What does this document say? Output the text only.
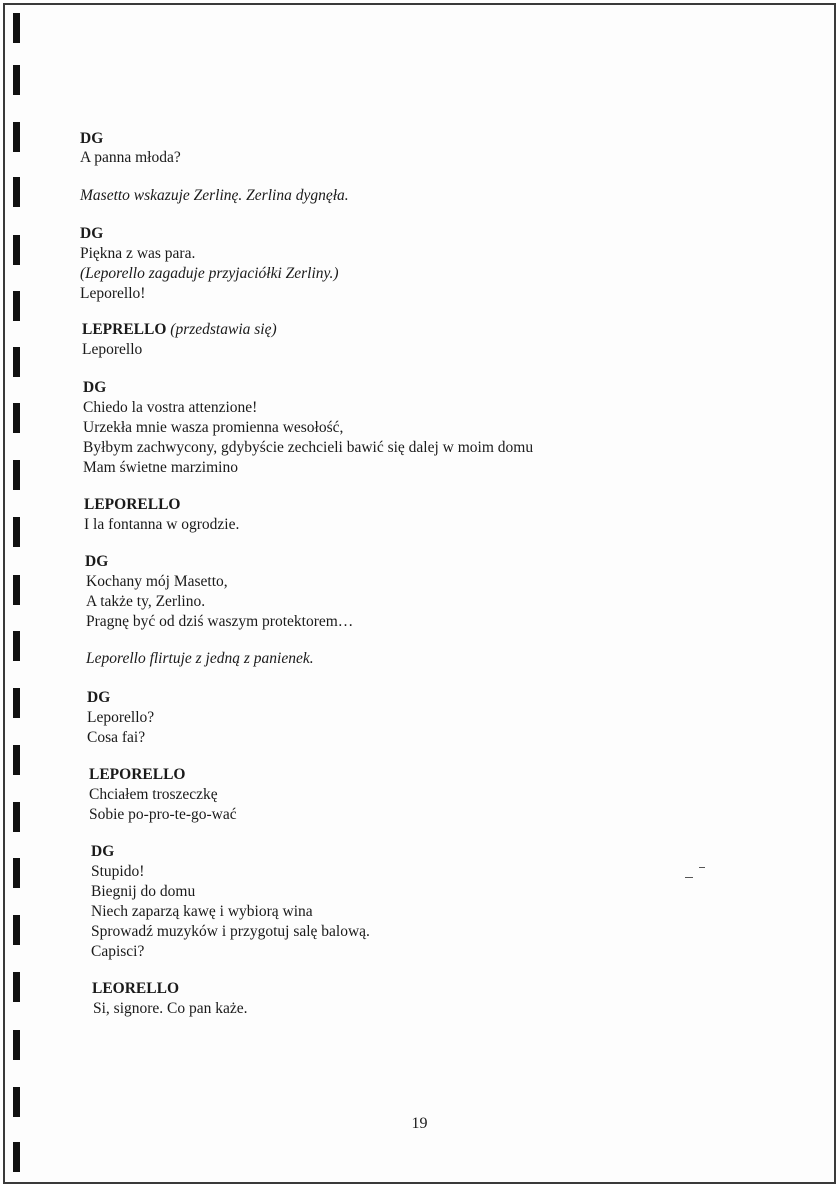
DG
A panna młoda?
Masetto wskazuje Zerlinę. Zerlina dygnęła.
DG
Piękna z was para.
(Leporello zagaduje przyjaciółki Zerliny.)
Leporello!
LEPRELLO (przedstawia się)
Leporello
DG
Chiedo la vostra attenzione!
Urzekła mnie wasza promienna wesołość,
Byłbym zachwycony, gdybyście zechcieli bawić się dalej w moim domu
Mam świetne marzimino
LEPORELLO
I la fontanna w ogrodzie.
DG
Kochany mój Masetto,
A także ty, Zerlino.
Pragnę być od dziś waszym protektorem…
Leporello flirtuje z jedną z panienek.
DG
Leporello?
Cosa fai?
LEPORELLO
Chciałem troszeczkę
Sobie po-pro-te-go-wać
DG
Stupido!
Biegnij do domu
Niech zaparzą kawę i wybiorą wina
Sprowadź muzyków i przygotuj salę balową.
Capisci?
LEORELLO
Si, signore. Co pan każe.
19
